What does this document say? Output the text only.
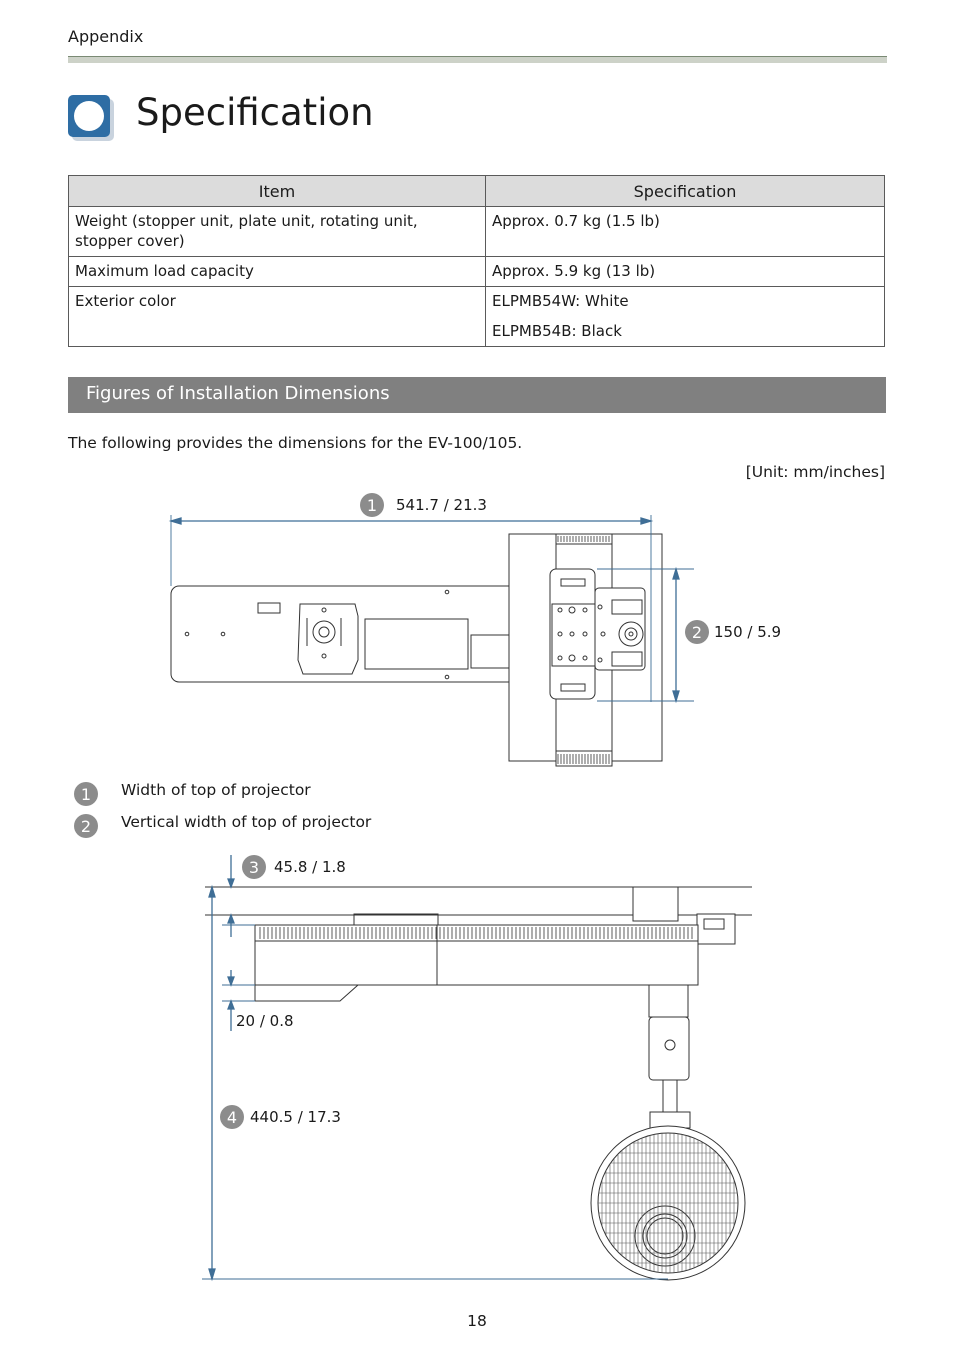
Appendix
Specification
Item	Specification
Weight (stopper unit, plate unit, rotating unit, stopper cover)	Approx. 0.7 kg (1.5 lb)

Maximum load capacity	Approx. 5.9 kg (13 lb)

Exterior color	ELPMB54W: White
ELPMB54B: Black
Figures of Installation Dimensions
The following provides the dimensions for the EV-100/105.
[Unit: mm/inches]
1 541.7 / 21.3
2 150 / 5.9
3 45.8 / 1.8
20 / 0.8
4 440.5 / 17.3
1
2
Width of top of projector
Vertical width of top of projector
18
